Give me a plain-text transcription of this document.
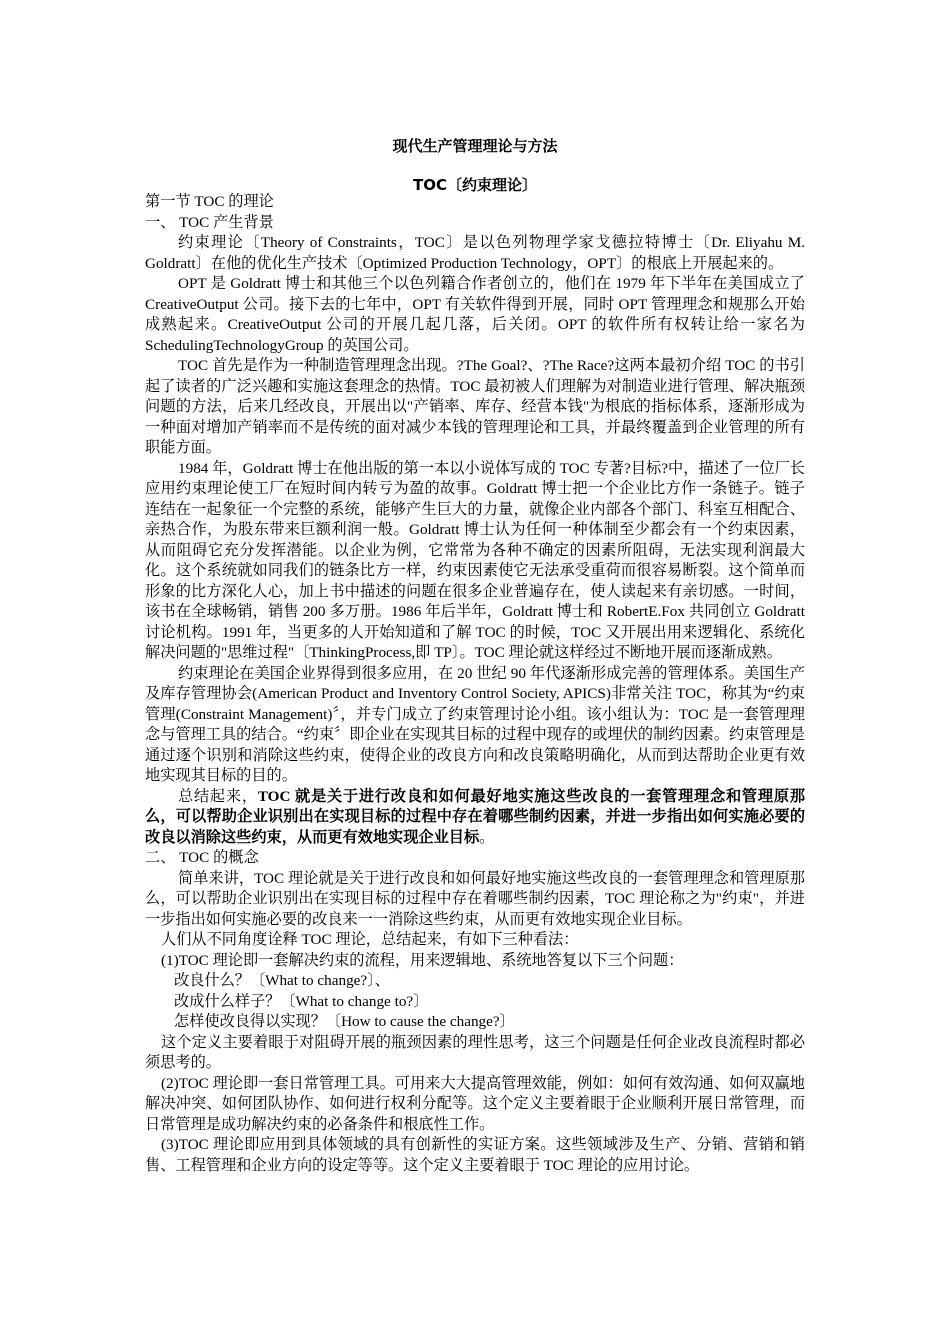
现代生产管理理论与方法
TOC〔约束理论〕

第一节 TOC 的理论

一、 TOC 产生背景

约束理论〔Theory of Constraints，TOC〕是以色列物理学家戈德拉特博士〔Dr. Eliyahu M. Goldratt〕在他的优化生产技术〔Optimized Production Technology，OPT〕的根底上开展起来的。

OPT 是 Goldratt 博士和其他三个以色列籍合作者创立的，他们在 1979 年下半年在美国成立了 CreativeOutput 公司。接下去的七年中，OPT 有关软件得到开展，同时 OPT 管理理念和规那么开始成熟起来。CreativeOutput 公司的开展几起几落，后关闭。OPT 的软件所有权转让给一家名为 SchedulingTechnologyGroup 的英国公司。

TOC 首先是作为一种制造管理理念出现。?The Goal?、?The Race?这两本最初介绍 TOC 的书引起了读者的广泛兴趣和实施这套理念的热情。TOC 最初被人们理解为对制造业进行管理、解决瓶颈问题的方法，后来几经改良，开展出以"产销率、库存、经营本钱"为根底的指标体系，逐渐形成为一种面对增加产销率而不是传统的面对减少本钱的管理理论和工具，并最终覆盖到企业管理的所有职能方面。

1984 年，Goldratt 博士在他出版的第一本以小说体写成的 TOC 专著?目标?中，描述了一位厂长应用约束理论使工厂在短时间内转亏为盈的故事。Goldratt 博士把一个企业比方作一条链子。链子连结在一起象征一个完整的系统，能够产生巨大的力量，就像企业内部各个部门、科室互相配合、亲热合作，为股东带来巨额利润一般。Goldratt 博士认为任何一种体制至少都会有一个约束因素，从而阻碍它充分发挥潜能。以企业为例，它常常为各种不确定的因素所阻碍，无法实现利润最大化。这个系统就如同我们的链条比方一样，约束因素使它无法承受重荷而很容易断裂。这个简单而形象的比方深化人心，加上书中描述的问题在很多企业普遍存在，使人读起来有亲切感。一时间，该书在全球畅销，销售 200 多万册。1986 年后半年，Goldratt 博士和 RobertE.Fox 共同创立 Goldratt 讨论机构。1991 年，当更多的人开始知道和了解 TOC 的时候，TOC 又开展出用来逻辑化、系统化解决问题的"思维过程"〔ThinkingProcess,即 TP〕。TOC 理论就这样经过不断地开展而逐渐成熟。

约束理论在美国企业界得到很多应用，在 20 世纪 90 年代逐渐形成完善的管理体系。美国生产及库存管理协会(American Product and Inventory Control Society, APICS)非常关注 TOC，称其为“约束管理(Constraint Management)〞，并专门成立了约束管理讨论小组。该小组认为：TOC 是一套管理理念与管理工具的结合。“约束〞即企业在实现其目标的过程中现存的或埋伏的制约因素。约束管理是通过逐个识别和消除这些约束，使得企业的改良方向和改良策略明确化，从而到达帮助企业更有效地实现其目标的目的。

总结起来，TOC 就是关于进行改良和如何最好地实施这些改良的一套管理理念和管理原那么，可以帮助企业识别出在实现目标的过程中存在着哪些制约因素，并进一步指出如何实施必要的改良以消除这些约束，从而更有效地实现企业目标。

二、 TOC 的概念

简单来讲，TOC 理论就是关于进行改良和如何最好地实施这些改良的一套管理理念和管理原那么，可以帮助企业识别出在实现目标的过程中存在着哪些制约因素，TOC 理论称之为"约束"，并进一步指出如何实施必要的改良来一一消除这些约束，从而更有效地实现企业目标。

人们从不同角度诠释 TOC 理论，总结起来，有如下三种看法：

(1)TOC 理论即一套解决约束的流程，用来逻辑地、系统地答复以下三个问题：

改良什么？〔What to change?〕、

改成什么样子？〔What to change to?〕

怎样使改良得以实现？〔How to cause the change?〕

这个定义主要着眼于对阻碍开展的瓶颈因素的理性思考，这三个问题是任何企业改良流程时都必须思考的。

(2)TOC 理论即一套日常管理工具。可用来大大提高管理效能，例如：如何有效沟通、如何双赢地解决冲突、如何团队协作、如何进行权利分配等。这个定义主要着眼于企业顺利开展日常管理，而日常管理是成功解决约束的必备条件和根底性工作。

(3)TOC 理论即应用到具体领域的具有创新性的实证方案。这些领域涉及生产、分销、营销和销售、工程管理和企业方向的设定等等。这个定义主要着眼于 TOC 理论的应用讨论。
